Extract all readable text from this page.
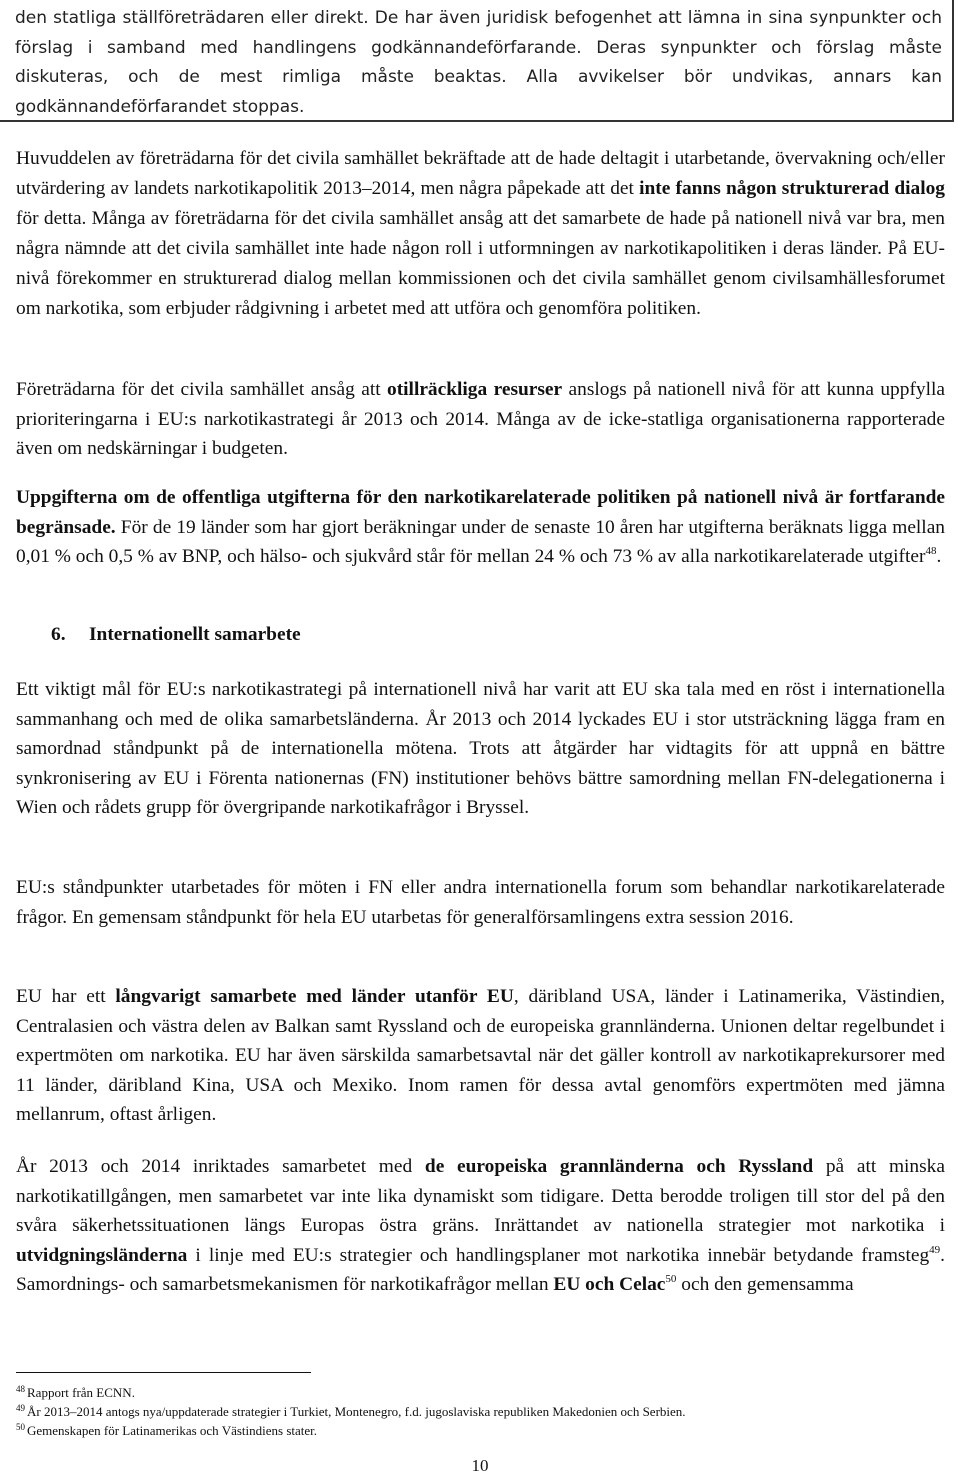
den statliga ställföreträdaren eller direkt. De har även juridisk befogenhet att lämna in sina synpunkter och förslag i samband med handlingens godkännandeförfarande. Deras synpunkter och förslag måste diskuteras, och de mest rimliga måste beaktas. Alla avvikelser bör undvikas, annars kan godkännandeförfarandet stoppas.

Huvuddelen av företrädarna för det civila samhället bekräftade att de hade deltagit i utarbetande, övervakning och/eller utvärdering av landets narkotikapolitik 2013–2014, men några påpekade att det inte fanns någon strukturerad dialog för detta. Många av företrädarna för det civila samhället ansåg att det samarbete de hade på nationell nivå var bra, men några nämnde att det civila samhället inte hade någon roll i utformningen av narkotikapolitiken i deras länder. På EU-nivå förekommer en strukturerad dialog mellan kommissionen och det civila samhället genom civilsamhällesforumet om narkotika, som erbjuder rådgivning i arbetet med att utföra och genomföra politiken.

Företrädarna för det civila samhället ansåg att otillräckliga resurser anslogs på nationell nivå för att kunna uppfylla prioriteringarna i EU:s narkotikastrategi år 2013 och 2014. Många av de icke-statliga organisationerna rapporterade även om nedskärningar i budgeten.

Uppgifterna om de offentliga utgifterna för den narkotikarelaterade politiken på nationell nivå är fortfarande begränsade. För de 19 länder som har gjort beräkningar under de senaste 10 åren har utgifterna beräknats ligga mellan 0,01 % och 0,5 % av BNP, och hälso- och sjukvård står för mellan 24 % och 73 % av alla narkotikarelaterade utgifter$^{48}$.

6. Internationellt samarbete

Ett viktigt mål för EU:s narkotikastrategi på internationell nivå har varit att EU ska tala med en röst i internationella sammanhang och med de olika samarbetsländerna. År 2013 och 2014 lyckades EU i stor utsträckning lägga fram en samordnad ståndpunkt på de internationella mötena. Trots att åtgärder har vidtagits för att uppnå en bättre synkronisering av EU i Förenta nationernas (FN) institutioner behövs bättre samordning mellan FN-delegationerna i Wien och rådets grupp för övergripande narkotikafrågor i Bryssel.

EU:s ståndpunkter utarbetades för möten i FN eller andra internationella forum som behandlar narkotikarelaterade frågor. En gemensam ståndpunkt för hela EU utarbetas för generalförsamlingens extra session 2016.

EU har ett långvarigt samarbete med länder utanför EU, däribland USA, länder i Latinamerika, Västindien, Centralasien och västra delen av Balkan samt Ryssland och de europeiska grannländerna. Unionen deltar regelbundet i expertmöten om narkotika. EU har även särskilda samarbetsavtal när det gäller kontroll av narkotikaprekursorer med 11 länder, däribland Kina, USA och Mexiko. Inom ramen för dessa avtal genomförs expertmöten med jämna mellanrum, oftast årligen.

År 2013 och 2014 inriktades samarbetet med de europeiska grannländerna och Ryssland på att minska narkotikatillgången, men samarbetet var inte lika dynamiskt som tidigare. Detta berodde troligen till stor del på den svåra säkerhetssituationen längs Europas östra gräns. Inrättandet av nationella strategier mot narkotika i utvidgningsländerna i linje med EU:s strategier och handlingsplaner mot narkotika innebär betydande framsteg$^{49}$. Samordnings- och samarbetsmekanismen för narkotikafrågor mellan EU och Celac$^{50}$ och den gemensamma

$^{48}$ Rapport från ECNN.
$^{49}$ År 2013–2014 antogs nya/uppdaterade strategier i Turkiet, Montenegro, f.d. jugoslaviska republiken Makedonien och Serbien.
$^{50}$ Gemenskapen för Latinamerikas och Västindiens stater.
10
